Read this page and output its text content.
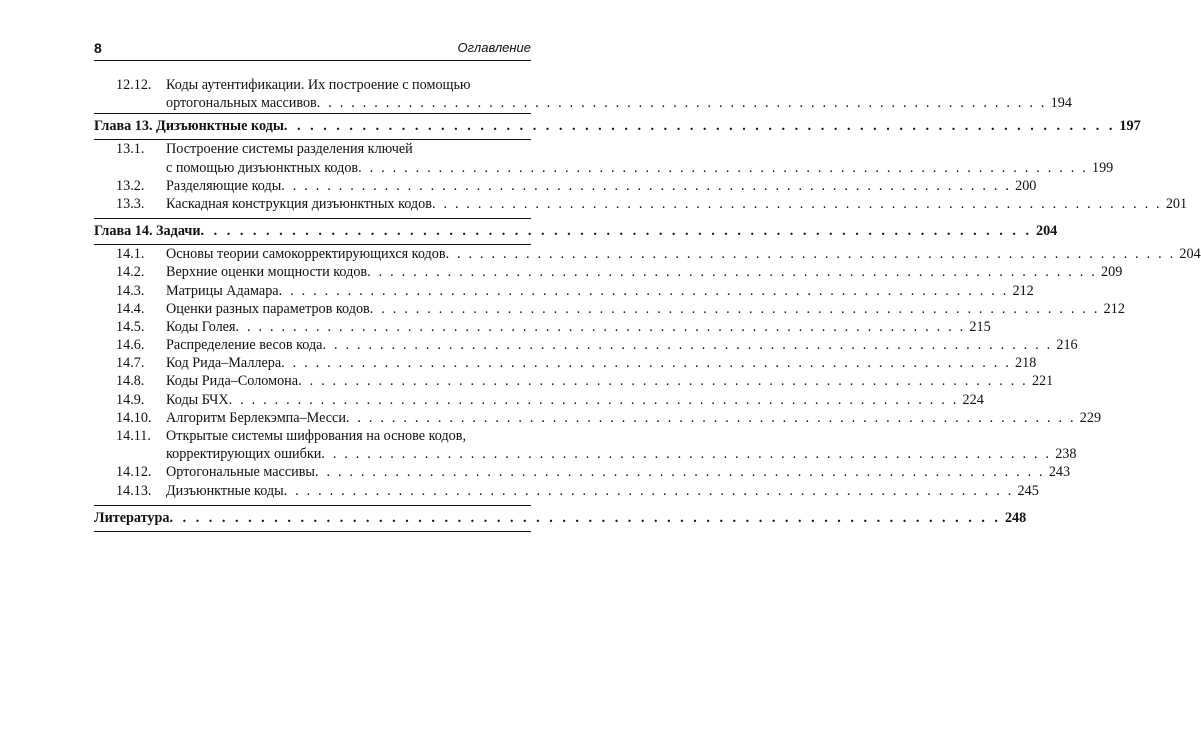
8	Оглавление
12.12.	Коды аутентификации. Их построение с помощью
ортогональных массивов . . . . . . . . . . . . . . . . . . . . . . . . . . . . . . . . . . . . . . . . . . . . . . . . . . . . . . . . . . . . . . . . 194
Глава 13. Дизъюнктные коды . . . . . . . . . . . . . . . . . . . . . . . . . . . . . . . . . . . . . . . . . . . . . . . . . . . . . . . . . . . . . . . . 197
13.1.	Построение системы разделения ключей
с помощью дизъюнктных кодов . . . . . . . . . . . . . . . . . . . . . . . . . . . . . . . . . . . . . . . . . . . . . . . . . . . . . . . . . . . . . . . . 199
13.2.	Разделяющие коды . . . . . . . . . . . . . . . . . . . . . . . . . . . . . . . . . . . . . . . . . . . . . . . . . . . . . . . . . . . . . . . . 200
13.3.	Каскадная конструкция дизъюнктных кодов . . . . . . . . . . . . . . . . . . . . . . . . . . . . . . . . . . . . . . . . . . . . . . . . . . . . . . . . . . . . . . . . 201
Глава 14. Задачи . . . . . . . . . . . . . . . . . . . . . . . . . . . . . . . . . . . . . . . . . . . . . . . . . . . . . . . . . . . . . . . . 204
14.1.	Основы теории самокорректирующихся кодов . . . . . . . . . . . . . . . . . . . . . . . . . . . . . . . . . . . . . . . . . . . . . . . . . . . . . . . . . . . . . . . . 204
14.2.	Верхние оценки мощности кодов . . . . . . . . . . . . . . . . . . . . . . . . . . . . . . . . . . . . . . . . . . . . . . . . . . . . . . . . . . . . . . . . 209
14.3.	Матрицы Адамара . . . . . . . . . . . . . . . . . . . . . . . . . . . . . . . . . . . . . . . . . . . . . . . . . . . . . . . . . . . . . . . . 212
14.4.	Оценки разных параметров кодов . . . . . . . . . . . . . . . . . . . . . . . . . . . . . . . . . . . . . . . . . . . . . . . . . . . . . . . . . . . . . . . . 212
14.5.	Коды Голея . . . . . . . . . . . . . . . . . . . . . . . . . . . . . . . . . . . . . . . . . . . . . . . . . . . . . . . . . . . . . . . . 215
14.6.	Распределение весов кода . . . . . . . . . . . . . . . . . . . . . . . . . . . . . . . . . . . . . . . . . . . . . . . . . . . . . . . . . . . . . . . . 216
14.7.	Код Рида–Маллера . . . . . . . . . . . . . . . . . . . . . . . . . . . . . . . . . . . . . . . . . . . . . . . . . . . . . . . . . . . . . . . . 218
14.8.	Коды Рида–Соломона . . . . . . . . . . . . . . . . . . . . . . . . . . . . . . . . . . . . . . . . . . . . . . . . . . . . . . . . . . . . . . . . 221
14.9.	Коды БЧХ . . . . . . . . . . . . . . . . . . . . . . . . . . . . . . . . . . . . . . . . . . . . . . . . . . . . . . . . . . . . . . . . 224
14.10.	Алгоритм Берлекэмпа–Месси . . . . . . . . . . . . . . . . . . . . . . . . . . . . . . . . . . . . . . . . . . . . . . . . . . . . . . . . . . . . . . . . 229
14.11.	Открытые системы шифрования на основе кодов,
корректирующих ошибки . . . . . . . . . . . . . . . . . . . . . . . . . . . . . . . . . . . . . . . . . . . . . . . . . . . . . . . . . . . . . . . . 238
14.12.	Ортогональные массивы . . . . . . . . . . . . . . . . . . . . . . . . . . . . . . . . . . . . . . . . . . . . . . . . . . . . . . . . . . . . . . . . 243
14.13.	Дизъюнктные коды . . . . . . . . . . . . . . . . . . . . . . . . . . . . . . . . . . . . . . . . . . . . . . . . . . . . . . . . . . . . . . . . 245
Литература . . . . . . . . . . . . . . . . . . . . . . . . . . . . . . . . . . . . . . . . . . . . . . . . . . . . . . . . . . . . . . . . 248
